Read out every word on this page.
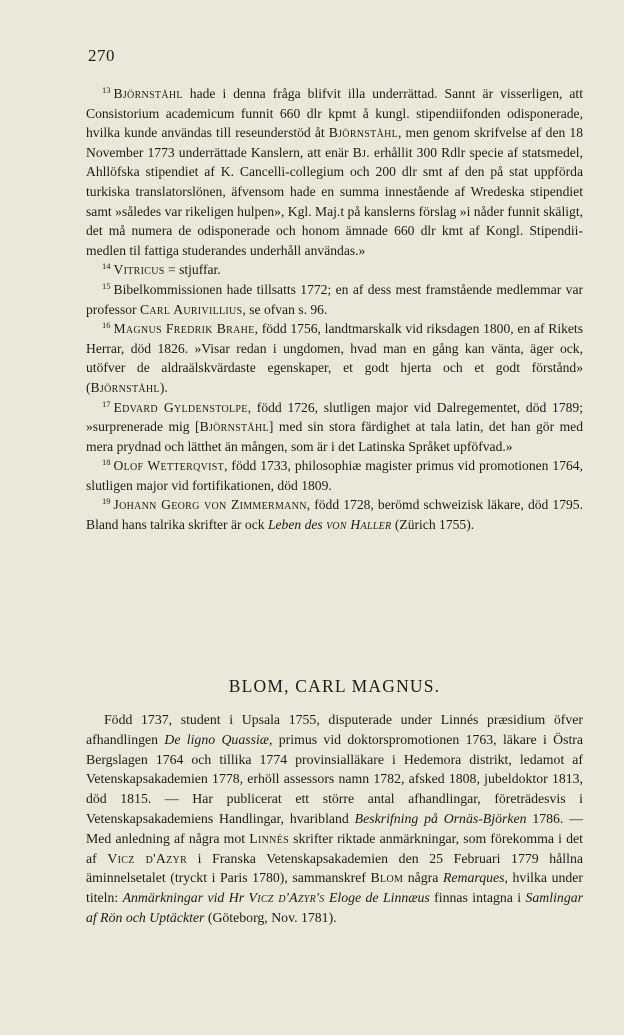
270

$^{13}$ Björnståhl hade i denna fråga blifvit illa underrättad. Sannt är visserligen, att Consistorium academicum funnit 660 dlr kpmt å kungl. stipendiifonden odisponerade, hvilka kunde användas till reseunderstöd åt Björnståhl, men genom skrifvelse af den 18 November 1773 underrättade Kanslern, att enär Bj. erhållit 300 Rdlr specie af statsmedel, Ahllöfska stipendiet af K. Cancelli-collegium och 200 dlr smt af den på stat uppförda turkiska translatorslönen, äfvensom hade en summa innestående af Wredeska stipendiet samt »således var rikeligen hulpen», Kgl. Maj.t på kanslerns förslag »i nåder funnit skäligt, det må numera de odisponerade och honom ämnade 660 dlr kmt af Kongl. Stipendii-medlen til fattiga studerandes underhåll användas.»

$^{14}$ Vitricus = stjuffar.

$^{15}$ Bibelkommissionen hade tillsatts 1772; en af dess mest framstående medlemmar var professor Carl Aurivillius, se ofvan s. 96.

$^{16}$ Magnus Fredrik Brahe, född 1756, landtmarskalk vid riksdagen 1800, en af Rikets Herrar, död 1826. »Visar redan i ungdomen, hvad man en gång kan vänta, äger ock, utöfver de aldraälskvärdaste egenskaper, et godt hjerta och et godt förstånd» (Björnståhl).

$^{17}$ Edvard Gyldenstolpe, född 1726, slutligen major vid Dalregementet, död 1789; »surprenerade mig [Björnståhl] med sin stora färdighet at tala latin, det han gör med mera prydnad och lätthet än mången, som är i det Latinska Språket upföfvad.»

$^{18}$ Olof Wetterqvist, född 1733, philosophiæ magister primus vid promotionen 1764, slutligen major vid fortifikationen, död 1809.

$^{19}$ Johann Georg von Zimmermann, född 1728, berömd schweizisk läkare, död 1795. Bland hans talrika skrifter är ock Leben des von Haller (Zürich 1755).

BLOM, CARL MAGNUS.

Född 1737, student i Upsala 1755, disputerade under Linnés præsidium öfver afhandlingen De ligno Quassiæ, primus vid doktorspromotionen 1763, läkare i Östra Bergslagen 1764 och tillika 1774 provinsialläkare i Hedemora distrikt, ledamot af Vetenskapsakademien 1778, erhöll assessors namn 1782, afsked 1808, jubeldoktor 1813, död 1815. — Har publicerat ett större antal afhandlingar, företrädesvis i Vetenskapsakademiens Handlingar, hvaribland Beskrifning på Ornäs-Björken 1786. — Med anledning af några mot Linnés skrifter riktade anmärkningar, som förekomma i det af Vicz d'Azyr i Franska Vetenskapsakademien den 25 Februari 1779 hållna äminnelsetalet (tryckt i Paris 1780), sammanskref Blom några Remarques, hvilka under titeln: Anmärkningar vid Hr Vicz d'Azyr's Eloge de Linnæus finnas intagna i Samlingar af Rön och Uptäckter (Göteborg, Nov. 1781).
